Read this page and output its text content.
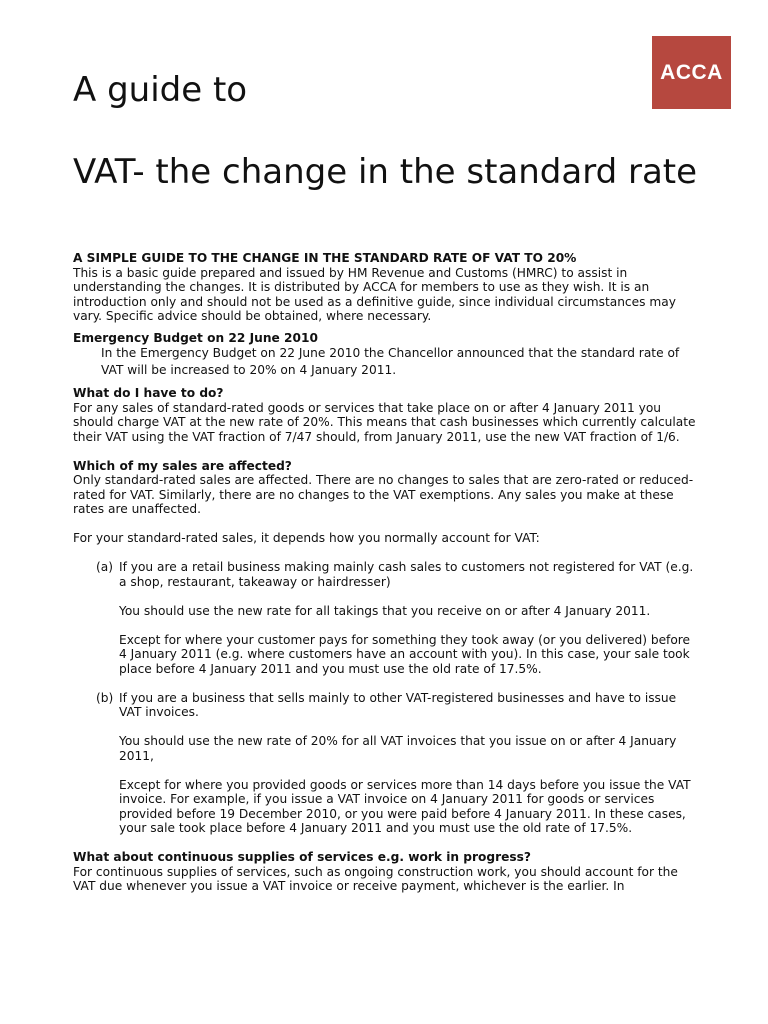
ACCA
A guide to
VAT- the change in the standard rate

A SIMPLE GUIDE TO THE CHANGE IN THE STANDARD RATE OF VAT TO 20%

This is a basic guide prepared and issued by HM Revenue and Customs (HMRC) to assist in understanding the changes. It is distributed by ACCA for members to use as they wish. It is an introduction only and should not be used as a definitive guide, since individual circumstances may vary. Specific advice should be obtained, where necessary.

Emergency Budget on 22 June 2010

In the Emergency Budget on 22 June 2010 the Chancellor announced that the standard rate of VAT will be increased to 20% on 4 January 2011.

What do I have to do?

For any sales of standard-rated goods or services that take place on or after 4 January 2011 you should charge VAT at the new rate of 20%. This means that cash businesses which currently calculate their VAT using the VAT fraction of 7/47 should, from January 2011, use the new VAT fraction of 1/6.

Which of my sales are affected?

Only standard-rated sales are affected. There are no changes to sales that are zero-rated or reduced-rated for VAT. Similarly, there are no changes to the VAT exemptions. Any sales you make at these rates are unaffected.

For your standard-rated sales, it depends how you normally account for VAT:

(a) If you are a retail business making mainly cash sales to customers not registered for VAT (e.g. a shop, restaurant, takeaway or hairdresser)

You should use the new rate for all takings that you receive on or after 4 January 2011.

Except for where your customer pays for something they took away (or you delivered) before 4 January 2011 (e.g. where customers have an account with you). In this case, your sale took place before 4 January 2011 and you must use the old rate of 17.5%.

(b) If you are a business that sells mainly to other VAT-registered businesses and have to issue VAT invoices.

You should use the new rate of 20% for all VAT invoices that you issue on or after 4 January 2011,

Except for where you provided goods or services more than 14 days before you issue the VAT invoice. For example, if you issue a VAT invoice on 4 January 2011 for goods or services provided before 19 December 2010, or you were paid before 4 January 2011. In these cases, your sale took place before 4 January 2011 and you must use the old rate of 17.5%.

What about continuous supplies of services e.g. work in progress?

For continuous supplies of services, such as ongoing construction work, you should account for the VAT due whenever you issue a VAT invoice or receive payment, whichever is the earlier. In
